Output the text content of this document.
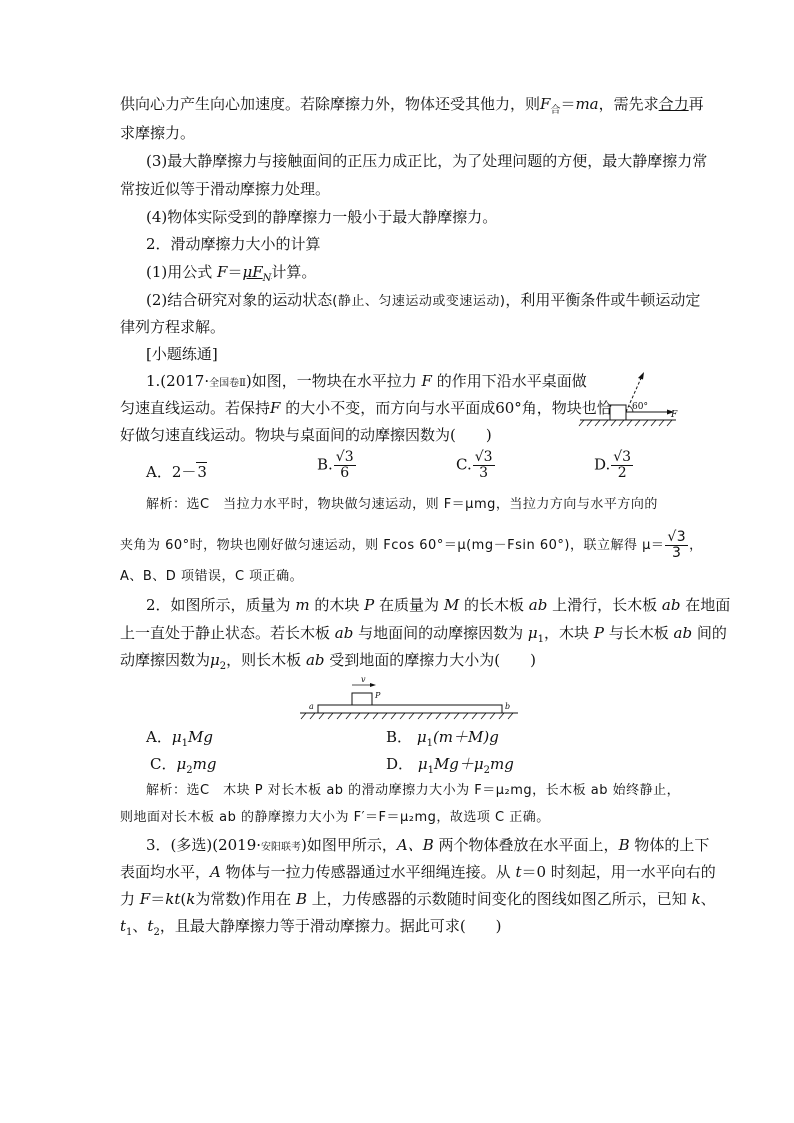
供向心力产生向心加速度。若除摩擦力外，物体还受其他力，则$F_合=ma$，需先求合力再
求摩擦力。
(3)最大静摩擦力与接触面间的正压力成正比，为了处理问题的方便，最大静摩擦力常
常按近似等于滑动摩擦力处理。
(4)物体实际受到的静摩擦力一般小于最大静摩擦力。
2．滑动摩擦力大小的计算
(1)用公式 $F=\mu F_N$计算。
(2)结合研究对象的运动状态(静止、匀速运动或变速运动)，利用平衡条件或牛顿运动定
律列方程求解。
[小题练通]
1.(2017·全国卷Ⅱ)如图，一物块在水平拉力 F 的作用下沿水平桌面做
匀速直线运动。若保持F 的大小不变，而方向与水平面成60°角，物块也恰
好做匀速直线运动。物块与桌面间的动摩擦因数为(　　)
60°
F
A．2－3	B. $\frac{√3}{6}$	C. $\frac{√3}{3}$	D. $\frac{√3}{2}$
解析：选C　当拉力水平时，物块做匀速运动，则 F＝μmg，当拉力方向与水平方向的
夹角为 60°时，物块也刚好做匀速运动，则 Fcos 60°＝μ(mg－Fsin 60°)，联立解得 $\mu= \frac{√3}{3}$ ，
A、B、D 项错误，C 项正确。
2．如图所示，质量为 m 的木块 P 在质量为 M 的长木板 ab 上滑行，长木板 ab 在地面
上一直处于静止状态。若长木板 ab 与地面间的动摩擦因数为 $\mu_1$，木块 P 与长木板 ab 间的
动摩擦因数为$\mu_2$，则长木板 ab 受到地面的摩擦力大小为(　　)
v
P
a	b
A．$\mu_1Mg$	B． $\mu_1(m+M)g$
C．$\mu_2mg$	D． $\mu_1Mg+\mu_2mg$
解析：选C　木块 P 对长木板 ab 的滑动摩擦力大小为 F＝μ₂mg，长木板 ab 始终静止，
则地面对长木板 ab 的静摩擦力大小为 F′＝F＝μ₂mg，故选项 C 正确。
3．(多选)(2019·安阳联考)如图甲所示，A、B 两个物体叠放在水平面上，B 物体的上下
表面均水平，A 物体与一拉力传感器通过水平细绳连接。从 t＝0 时刻起，用一水平向右的
力 F＝kt(k为常数)作用在 B 上，力传感器的示数随时间变化的图线如图乙所示，已知 k、
$t_1$、$t_2$，且最大静摩擦力等于滑动摩擦力。据此可求(　　)
